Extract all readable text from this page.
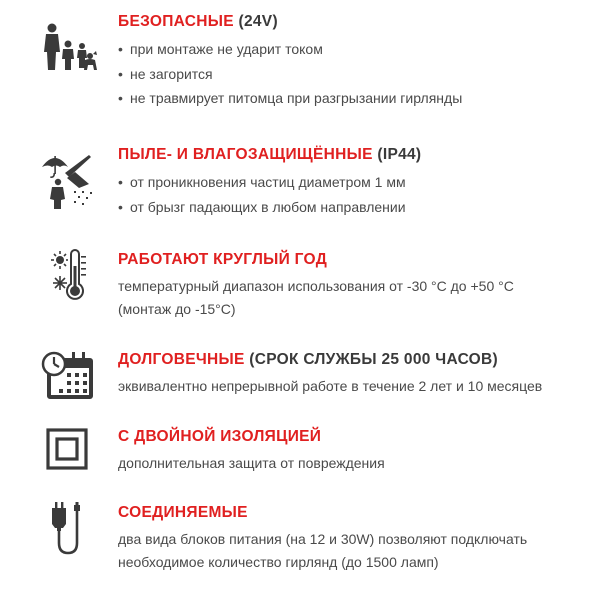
БЕЗОПАСНЫЕ (24V)
• при монтаже не ударит током
• не загорится
• не травмирует питомца при разгрызании гирлянды
ПЫЛЕ- И ВЛАГОЗАЩИЩЁННЫЕ (IP44)
• от проникновения частиц диаметром 1 мм
• от брызг падающих в любом направлении
РАБОТАЮТ КРУГЛЫЙ ГОД
температурный диапазон использования от -30 °С до +50 °С
(монтаж до -15°С)
ДОЛГОВЕЧНЫЕ (СРОК СЛУЖБЫ 25 000 ЧАСОВ)
эквивалентно непрерывной работе в течение 2 лет и 10 месяцев
С ДВОЙНОЙ ИЗОЛЯЦИЕЙ
дополнительная защита от повреждения
СОЕДИНЯЕМЫЕ
два вида блоков питания (на 12 и 30W) позволяют подключать
необходимое количество гирлянд (до 1500 ламп)
